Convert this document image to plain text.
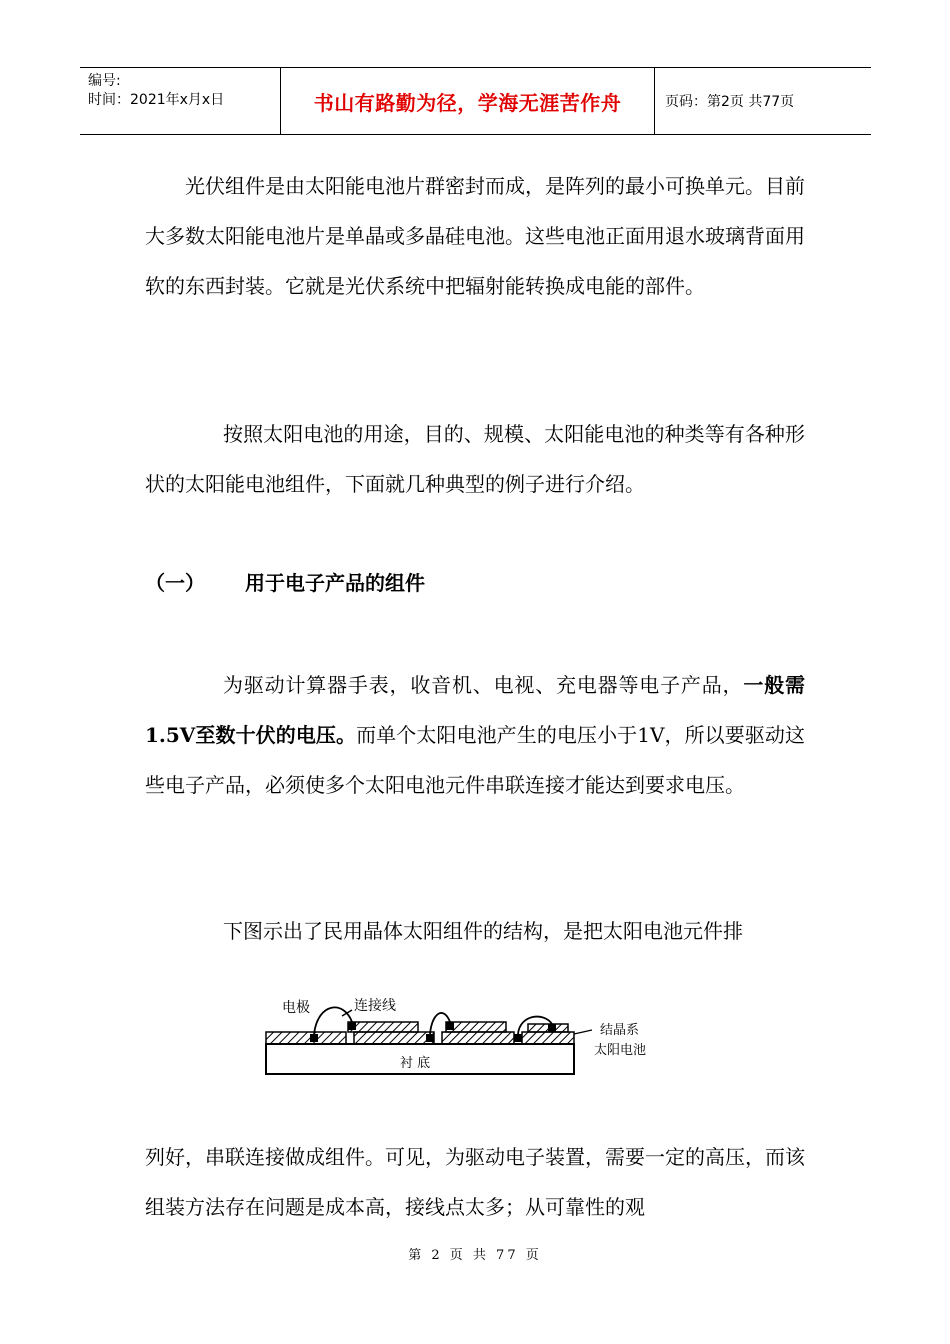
编号:
时间：2021年x月x日	书山有路勤为径，学海无涯苦作舟	页码：第2页 共77页

光伏组件是由太阳能电池片群密封而成，是阵列的最小可换单元。目前大多数太阳能电池片是单晶或多晶硅电池。这些电池正面用退水玻璃背面用软的东西封装。它就是光伏系统中把辐射能转换成电能的部件。

按照太阳电池的用途，目的、规模、太阳能电池的种类等有各种形状的太阳能电池组件，下面就几种典型的例子进行介绍。

（一） 用于电子产品的组件

为驱动计算器手表，收音机、电视、充电器等电子产品，一般需1.5V至数十伏的电压。而单个太阳电池产生的电压小于1V，所以要驱动这些电子产品，必须使多个太阳电池元件串联连接才能达到要求电压。

下图示出了民用晶体太阳组件的结构，是把太阳电池元件排

电极	连接线
结晶系
太阳电池
衬 底

列好，串联连接做成组件。可见，为驱动电子装置，需要一定的高压，而该组装方法存在问题是成本高，接线点太多；从可靠性的观

第 2 页 共 77 页
